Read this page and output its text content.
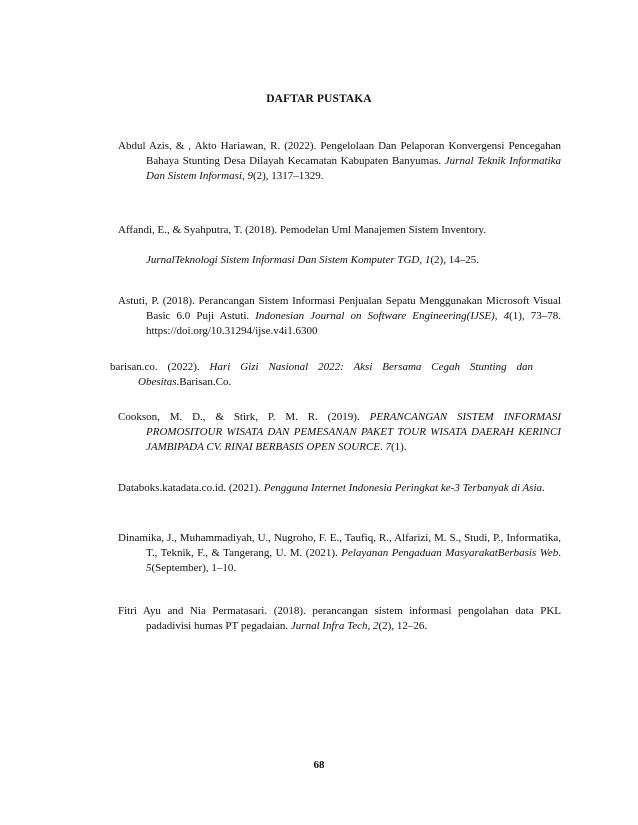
DAFTAR PUSTAKA
Abdul Azis, & , Akto Hariawan, R. (2022). Pengelolaan Dan Pelaporan Konvergensi Pencegahan Bahaya Stunting Desa Dilayah Kecamatan Kabupaten Banyumas. Jurnal Teknik Informatika Dan Sistem Informasi, 9(2), 1317–1329.
Affandi, E., & Syahputra, T. (2018). Pemodelan Uml Manajemen Sistem Inventory.
JurnalTeknologi Sistem Informasi Dan Sistem Komputer TGD, 1(2), 14–25.
Astuti, P. (2018). Perancangan Sistem Informasi Penjualan Sepatu Menggunakan Microsoft Visual Basic 6.0 Puji Astuti. Indonesian Journal on Software Engineering(IJSE), 4(1), 73–78. https://doi.org/10.31294/ijse.v4i1.6300
barisan.co. (2022). Hari Gizi Nasional 2022: Aksi Bersama Cegah Stunting dan Obesitas.Barisan.Co.
Cookson, M. D., & Stirk, P. M. R. (2019). PERANCANGAN SISTEM INFORMASI PROMOSITOUR WISATA DAN PEMESANAN PAKET TOUR WISATA DAERAH KERINCI JAMBIPADA CV. RINAI BERBASIS OPEN SOURCE. 7(1).
Databoks.katadata.co.id. (2021). Pengguna Internet Indonesia Peringkat ke-3 Terbanyak di Asia.
Dinamika, J., Muhammadiyah, U., Nugroho, F. E., Taufiq, R., Alfarizi, M. S., Studi, P., Informatika, T., Teknik, F., & Tangerang, U. M. (2021). Pelayanan Pengaduan MasyarakatBerbasis Web. 5(September), 1–10.
Fitri Ayu and Nia Permatasari. (2018). perancangan sistem informasi pengolahan data PKL padadivisi humas PT pegadaian. Jurnal Infra Tech, 2(2), 12–26.
68
